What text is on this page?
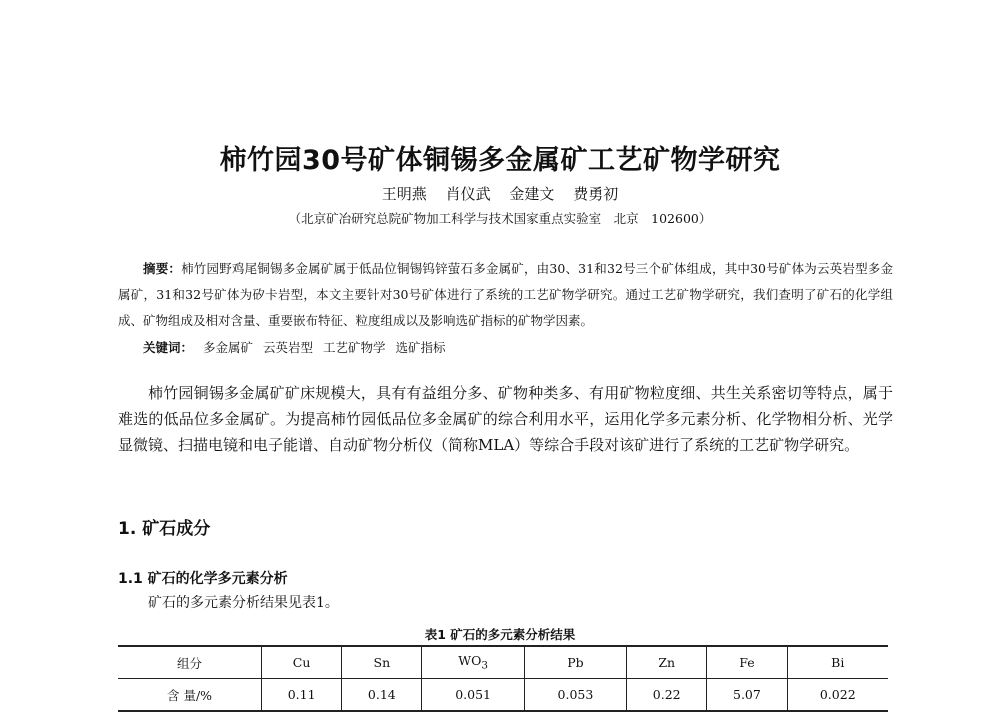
柿竹园30号矿体铜锡多金属矿工艺矿物学研究
王明燕 肖仪武 金建文 费勇初
（北京矿冶研究总院矿物加工科学与技术国家重点实验室　北京　102600）
摘要：柿竹园野鸡尾铜锡多金属矿属于低品位铜锡钨锌萤石多金属矿，由30、31和32号三个矿体组成，其中30号矿体为云英岩型多金属矿，31和32号矿体为矽卡岩型，本文主要针对30号矿体进行了系统的工艺矿物学研究。通过工艺矿物学研究，我们查明了矿石的化学组成、矿物组成及相对含量、重要嵌布特征、粒度组成以及影响选矿指标的矿物学因素。
关键词： 多金属矿 云英岩型 工艺矿物学 选矿指标
柿竹园铜锡多金属矿矿床规模大，具有有益组分多、矿物种类多、有用矿物粒度细、共生关系密切等特点，属于难选的低品位多金属矿。为提高柿竹园低品位多金属矿的综合利用水平，运用化学多元素分析、化学物相分析、光学显微镜、扫描电镜和电子能谱、自动矿物分析仪（简称MLA）等综合手段对该矿进行了系统的工艺矿物学研究。
1. 矿石成分
1.1 矿石的化学多元素分析
矿石的多元素分析结果见表1。
表1 矿石的多元素分析结果
组分	Cu	Sn	$WO_3$	Pb	Zn	Fe	Bi
含 量/%	0.11	0.14	0.051	0.053	0.22	5.07	0.022
